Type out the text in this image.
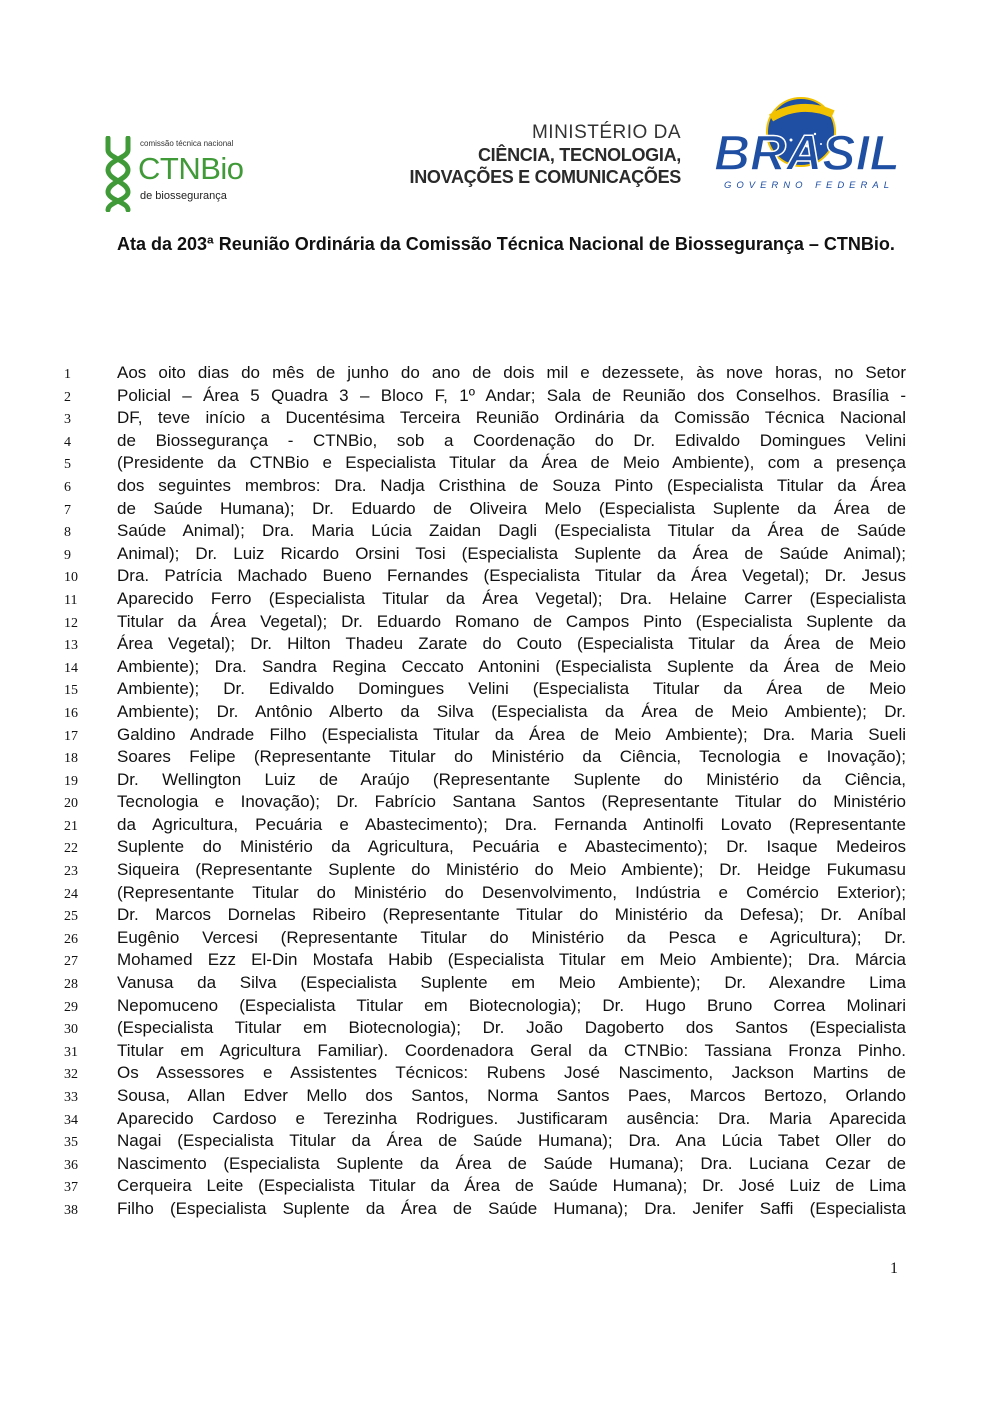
comissão técnica nacional
CTNBio
de biossegurança
MINISTÉRIO DA
CIÊNCIA, TECNOLOGIA,
INOVAÇÕES E COMUNICAÇÕES BRASIL
GOVERNO FEDERAL
Ata da 203ª Reunião Ordinária da Comissão Técnica Nacional de Biossegurança – CTNBio.
1	Aos oito dias do mês de junho do ano de dois mil e dezessete, às nove horas, no Setor
2	Policial – Área 5 Quadra 3 – Bloco F, 1º Andar; Sala de Reunião dos Conselhos. Brasília -
3	DF, teve início a Ducentésima Terceira Reunião Ordinária da Comissão Técnica Nacional
4	de Biossegurança - CTNBio, sob a Coordenação do Dr. Edivaldo Domingues Velini
5	(Presidente da CTNBio e Especialista Titular da Área de Meio Ambiente), com a presença
6	dos seguintes membros: Dra. Nadja Cristhina de Souza Pinto (Especialista Titular da Área
7	de Saúde Humana); Dr. Eduardo de Oliveira Melo (Especialista Suplente da Área de
8	Saúde Animal); Dra. Maria Lúcia Zaidan Dagli (Especialista Titular da Área de Saúde
9	Animal); Dr. Luiz Ricardo Orsini Tosi (Especialista Suplente da Área de Saúde Animal);
10	Dra. Patrícia Machado Bueno Fernandes (Especialista Titular da Área Vegetal); Dr. Jesus
11	Aparecido Ferro (Especialista Titular da Área Vegetal); Dra. Helaine Carrer (Especialista
12	Titular da Área Vegetal); Dr. Eduardo Romano de Campos Pinto (Especialista Suplente da
13	Área Vegetal); Dr. Hilton Thadeu Zarate do Couto (Especialista Titular da Área de Meio
14	Ambiente); Dra. Sandra Regina Ceccato Antonini (Especialista Suplente da Área de Meio
15	Ambiente); Dr. Edivaldo Domingues Velini (Especialista Titular da Área de Meio
16	Ambiente); Dr. Antônio Alberto da Silva (Especialista da Área de Meio Ambiente); Dr.
17	Galdino Andrade Filho (Especialista Titular da Área de Meio Ambiente); Dra. Maria Sueli
18	Soares Felipe (Representante Titular do Ministério da Ciência, Tecnologia e Inovação);
19	Dr. Wellington Luiz de Araújo (Representante Suplente do Ministério da Ciência,
20	Tecnologia e Inovação); Dr. Fabrício Santana Santos (Representante Titular do Ministério
21	da Agricultura, Pecuária e Abastecimento); Dra. Fernanda Antinolfi Lovato (Representante
22	Suplente do Ministério da Agricultura, Pecuária e Abastecimento); Dr. Isaque Medeiros
23	Siqueira (Representante Suplente do Ministério do Meio Ambiente); Dr. Heidge Fukumasu
24	(Representante Titular do Ministério do Desenvolvimento, Indústria e Comércio Exterior);
25	Dr. Marcos Dornelas Ribeiro (Representante Titular do Ministério da Defesa); Dr. Aníbal
26	Eugênio Vercesi (Representante Titular do Ministério da Pesca e Agricultura); Dr.
27	Mohamed Ezz El-Din Mostafa Habib (Especialista Titular em Meio Ambiente); Dra. Márcia
28	Vanusa da Silva (Especialista Suplente em Meio Ambiente); Dr. Alexandre Lima
29	Nepomuceno (Especialista Titular em Biotecnologia); Dr. Hugo Bruno Correa Molinari
30	(Especialista Titular em Biotecnologia); Dr. João Dagoberto dos Santos (Especialista
31	Titular em Agricultura Familiar). Coordenadora Geral da CTNBio: Tassiana Fronza Pinho.
32	Os Assessores e Assistentes Técnicos: Rubens José Nascimento, Jackson Martins de
33	Sousa, Allan Edver Mello dos Santos, Norma Santos Paes, Marcos Bertozo, Orlando
34	Aparecido Cardoso e Terezinha Rodrigues. Justificaram ausência: Dra. Maria Aparecida
35	Nagai (Especialista Titular da Área de Saúde Humana); Dra. Ana Lúcia Tabet Oller do
36	Nascimento (Especialista Suplente da Área de Saúde Humana); Dra. Luciana Cezar de
37	Cerqueira Leite (Especialista Titular da Área de Saúde Humana); Dr. José Luiz de Lima
38	Filho (Especialista Suplente da Área de Saúde Humana); Dra. Jenifer Saffi (Especialista
1
